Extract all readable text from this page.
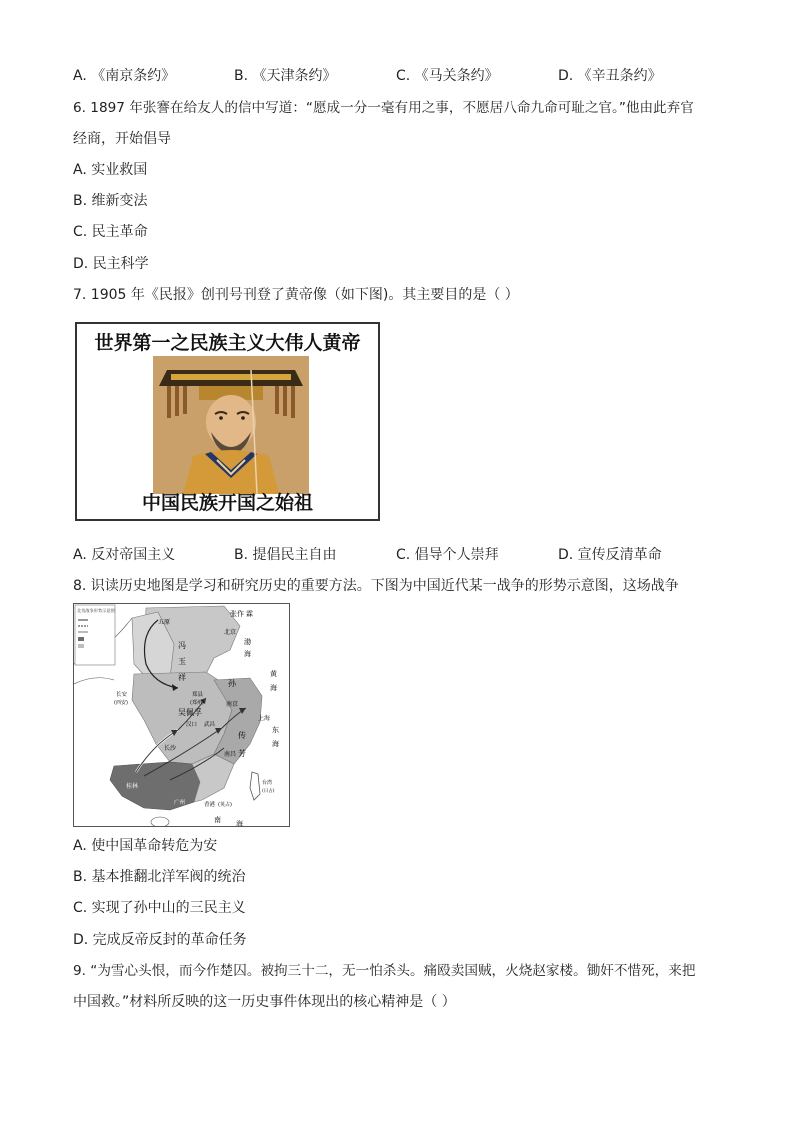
A. 《南京条约》	B. 《天津条约》	C. 《马关条约》	D. 《辛丑条约》
6. 1897 年张謇在给友人的信中写道：“愿成一分一毫有用之事，不愿居八命九命可耻之官。”他由此弃官
经商，开始倡导
A. 实业救国
B. 维新变法
C. 民主革命
D. 民主科学
7. 1905 年《民报》创刊号刊登了黄帝像（如下图)。其主要目的是（ ）
世界第一之民族主义大伟人黄帝
中国民族开国之始祖
A. 反对帝国主义	B. 提倡民主自由	C. 倡导个人崇拜	D. 宣传反清革命
8. 识读历史地图是学习和研究历史的重要方法。下图为中国近代某一战争的形势示意图，这场战争
北伐战争形势示意图
五原
张作 霖
北京
渤
海
冯
玉
祥	黄
海
长安
(西安)
郑县
(郑州)
吴佩孚
南京
上海
孙
传
芳
东
海
汉口 武昌
长沙
南昌
桂林
广州	香港 (英占)
南 海
台湾
(日占)
A. 使中国革命转危为安
B. 基本推翻北洋军阀的统治
C. 实现了孙中山的三民主义
D. 完成反帝反封的革命任务
9. “为雪心头恨，而今作楚囚。被拘三十二，无一怕杀头。痛殴卖国贼，火烧赵家楼。锄奸不惜死，来把
中国救。”材料所反映的这一历史事件体现出的核心精神是（ ）
